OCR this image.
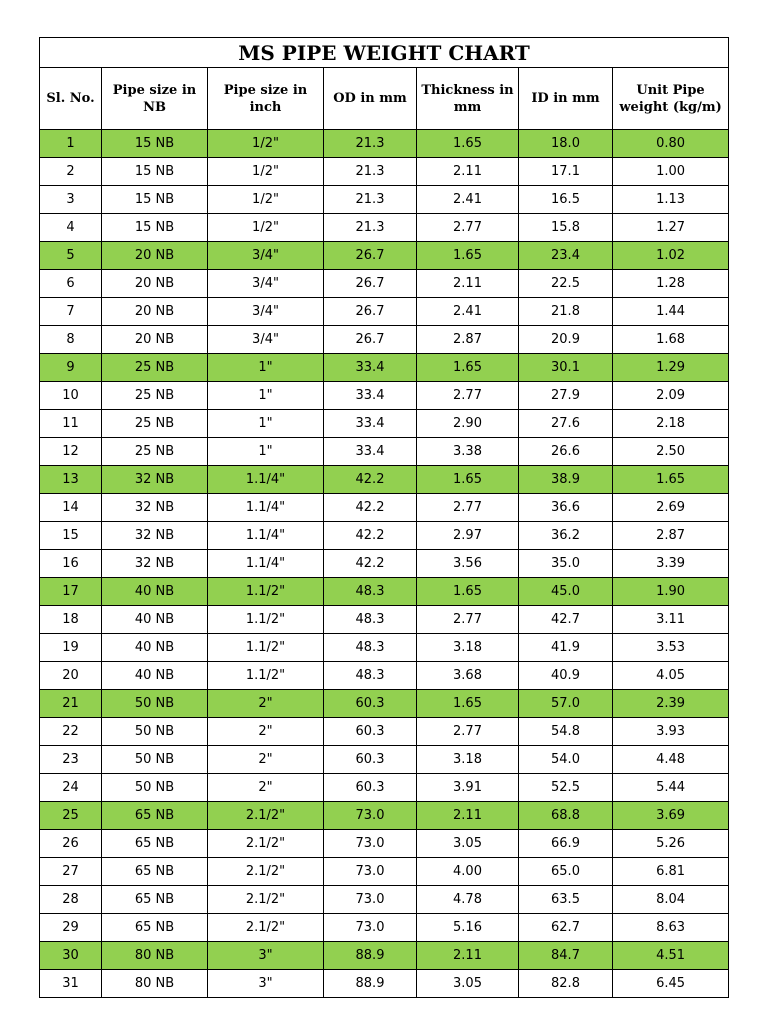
MS PIPE WEIGHT CHART						
Sl. No.	Pipe size in NB	Pipe size in inch	OD in mm	Thickness in mm	ID in mm	Unit Pipe weight (kg/m)
1	15 NB	1/2"	21.3	1.65	18.0	0.80
2	15 NB	1/2"	21.3	2.11	17.1	1.00
3	15 NB	1/2"	21.3	2.41	16.5	1.13
4	15 NB	1/2"	21.3	2.77	15.8	1.27
5	20 NB	3/4"	26.7	1.65	23.4	1.02
6	20 NB	3/4"	26.7	2.11	22.5	1.28
7	20 NB	3/4"	26.7	2.41	21.8	1.44
8	20 NB	3/4"	26.7	2.87	20.9	1.68
9	25 NB	1"	33.4	1.65	30.1	1.29
10	25 NB	1"	33.4	2.77	27.9	2.09
11	25 NB	1"	33.4	2.90	27.6	2.18
12	25 NB	1"	33.4	3.38	26.6	2.50
13	32 NB	1.1/4"	42.2	1.65	38.9	1.65
14	32 NB	1.1/4"	42.2	2.77	36.6	2.69
15	32 NB	1.1/4"	42.2	2.97	36.2	2.87
16	32 NB	1.1/4"	42.2	3.56	35.0	3.39
17	40 NB	1.1/2"	48.3	1.65	45.0	1.90
18	40 NB	1.1/2"	48.3	2.77	42.7	3.11
19	40 NB	1.1/2"	48.3	3.18	41.9	3.53
20	40 NB	1.1/2"	48.3	3.68	40.9	4.05
21	50 NB	2"	60.3	1.65	57.0	2.39
22	50 NB	2"	60.3	2.77	54.8	3.93
23	50 NB	2"	60.3	3.18	54.0	4.48
24	50 NB	2"	60.3	3.91	52.5	5.44
25	65 NB	2.1/2"	73.0	2.11	68.8	3.69
26	65 NB	2.1/2"	73.0	3.05	66.9	5.26
27	65 NB	2.1/2"	73.0	4.00	65.0	6.81
28	65 NB	2.1/2"	73.0	4.78	63.5	8.04
29	65 NB	2.1/2"	73.0	5.16	62.7	8.63
30	80 NB	3"	88.9	2.11	84.7	4.51
31	80 NB	3"	88.9	3.05	82.8	6.45
